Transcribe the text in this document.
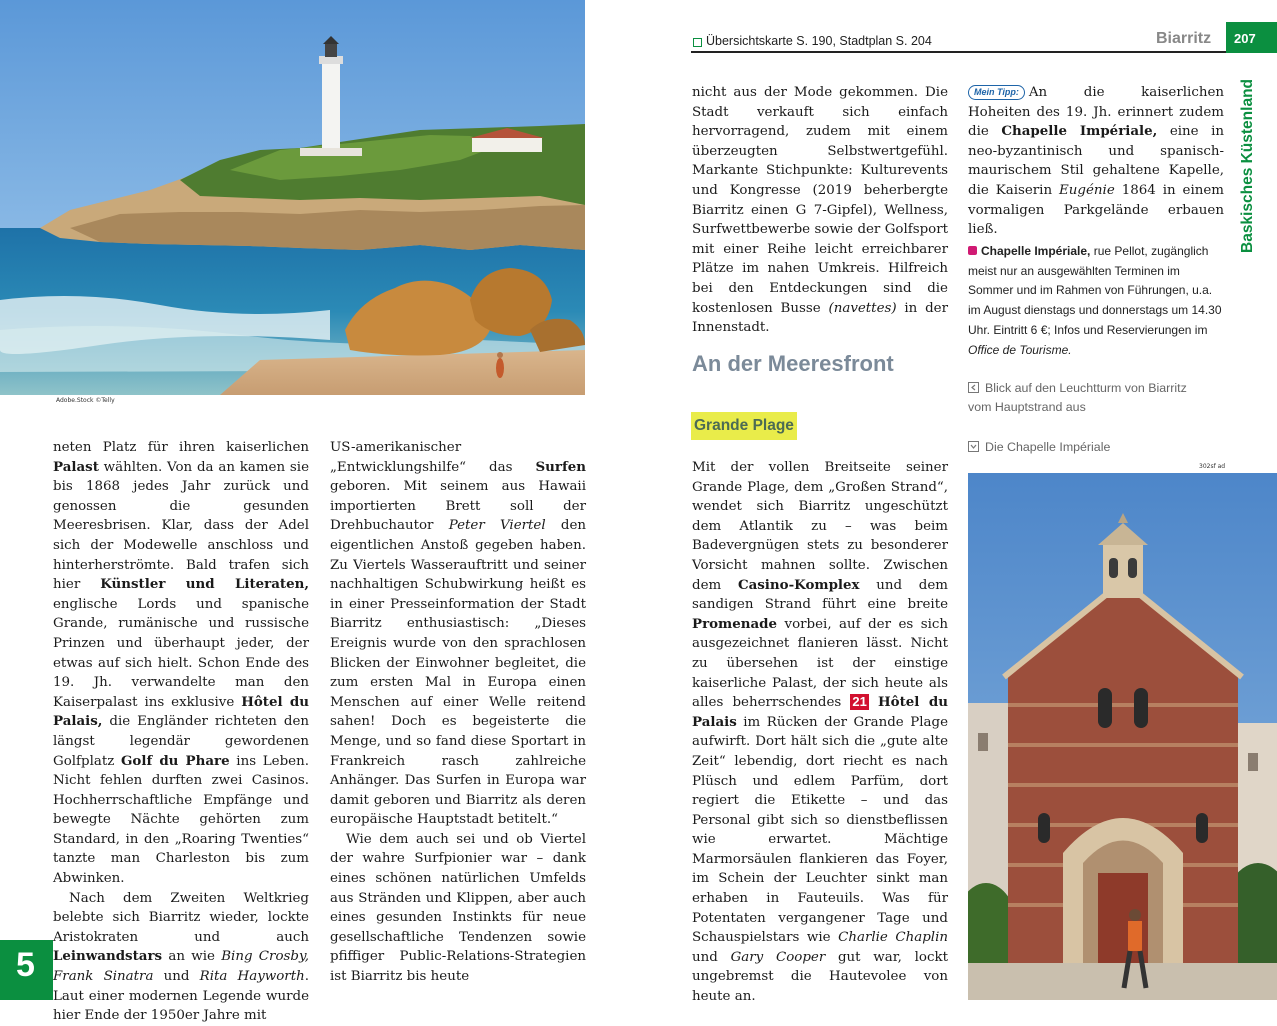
Adobe.Stock ©Telly
Übersichtskarte S. 190, Stadtplan S. 204	Biarritz 207
Baskisches Küstenland
5

neten Platz für ihren kaiserlichen Palast wählten. Von da an kamen sie bis 1868 jedes Jahr zurück und genossen die gesunden Meeresbrisen. Klar, dass der Adel sich der Modewelle anschloss und hinterherströmte. Bald trafen sich hier Künstler und Literaten, englische Lords und spanische Grande, rumänische und russische Prinzen und überhaupt jeder, der etwas auf sich hielt. Schon Ende des 19. Jh. verwandelte man den Kaiserpalast ins exklusive Hôtel du Palais, die Engländer richteten den längst legendär gewordenen Golfplatz Golf du Phare ins Leben. Nicht fehlen durften zwei Casinos. Hochherrschaftliche Empfänge und bewegte Nächte gehörten zum Standard, in den „Roaring Twenties“ tanzte man Charleston bis zum Abwinken.

Nach dem Zweiten Weltkrieg belebte sich Biarritz wieder, lockte Aristokraten und auch Leinwandstars an wie Bing Crosby, Frank Sinatra und Rita Hayworth. Laut einer modernen Legende wurde hier Ende der 1950er Jahre mit

US-amerikanischer „Entwicklungshilfe“ das Surfen geboren. Mit seinem aus Hawaii importierten Brett soll der Drehbuchautor Peter Viertel den eigentlichen Anstoß gegeben haben. Zu Viertels Wasserauftritt und seiner nachhaltigen Schubwirkung heißt es in einer Presseinformation der Stadt Biarritz enthusiastisch: „Dieses Ereignis wurde von den sprachlosen Blicken der Einwohner begleitet, die zum ersten Mal in Europa einen Menschen auf einer Welle reitend sahen! Doch es begeisterte die Menge, und so fand diese Sportart in Frankreich rasch zahlreiche Anhänger. Das Surfen in Europa war damit geboren und Biarritz als deren europäische Hauptstadt betitelt.“

Wie dem auch sei und ob Viertel der wahre Surfpionier war – dank eines schönen natürlichen Umfelds aus Stränden und Klippen, aber auch eines gesunden Instinkts für neue gesellschaftliche Tendenzen sowie pfiffiger Public-Relations-Strategien ist Biarritz bis heute

nicht aus der Mode gekommen. Die Stadt verkauft sich einfach hervorragend, zudem mit einem überzeugten Selbstwertgefühl. Markante Stichpunkte: Kulturevents und Kongresse (2019 beherbergte Biarritz einen G 7-Gipfel), Wellness, Surfwettbewerbe sowie der Golfsport mit einer Reihe leicht erreichbarer Plätze im nahen Umkreis. Hilfreich bei den Entdeckungen sind die kostenlosen Busse (navettes) in der Innenstadt.

An der Meeresfront
Grande Plage

Mit der vollen Breitseite seiner Grande Plage, dem „Großen Strand“, wendet sich Biarritz ungeschützt dem Atlantik zu – was beim Badevergnügen stets zu besonderer Vorsicht mahnen sollte. Zwischen dem Casino-Komplex und dem sandigen Strand führt eine breite Promenade vorbei, auf der es sich ausgezeichnet flanieren lässt. Nicht zu übersehen ist der einstige kaiserliche Palast, der sich heute als alles beherrschendes 21 Hôtel du Palais im Rücken der Grande Plage aufwirft. Dort hält sich die „gute alte Zeit“ lebendig, dort riecht es nach Plüsch und edlem Parfüm, dort regiert die Etikette – und das Personal gibt sich so dienstbeflissen wie erwartet. Mächtige Marmorsäulen flankieren das Foyer, im Schein der Leuchter sinkt man erhaben in Fauteuils. Was für Potentaten vergangener Tage und Schauspielstars wie Charlie Chaplin und Gary Cooper gut war, lockt ungebremst die Hautevolee von heute an.

Mein Tipp: An die kaiserlichen Hoheiten des 19. Jh. erinnert zudem die Chapelle Impériale, eine in neo-byzantinisch und spanisch-maurischem Stil gehaltene Kapelle, die Kaiserin Eugénie 1864 in einem vormaligen Parkgelände erbauen ließ.

Chapelle Impériale, rue Pellot, zugänglich meist nur an ausgewählten Terminen im Sommer und im Rahmen von Führungen, u.a. im August dienstags und donnerstags um 14.30 Uhr. Eintritt 6 €; Infos und Reservierungen im Office de Tourisme.
Blick auf den Leuchtturm von Biarritz vom Hauptstrand aus
Die Chapelle Impériale
302sf ad
